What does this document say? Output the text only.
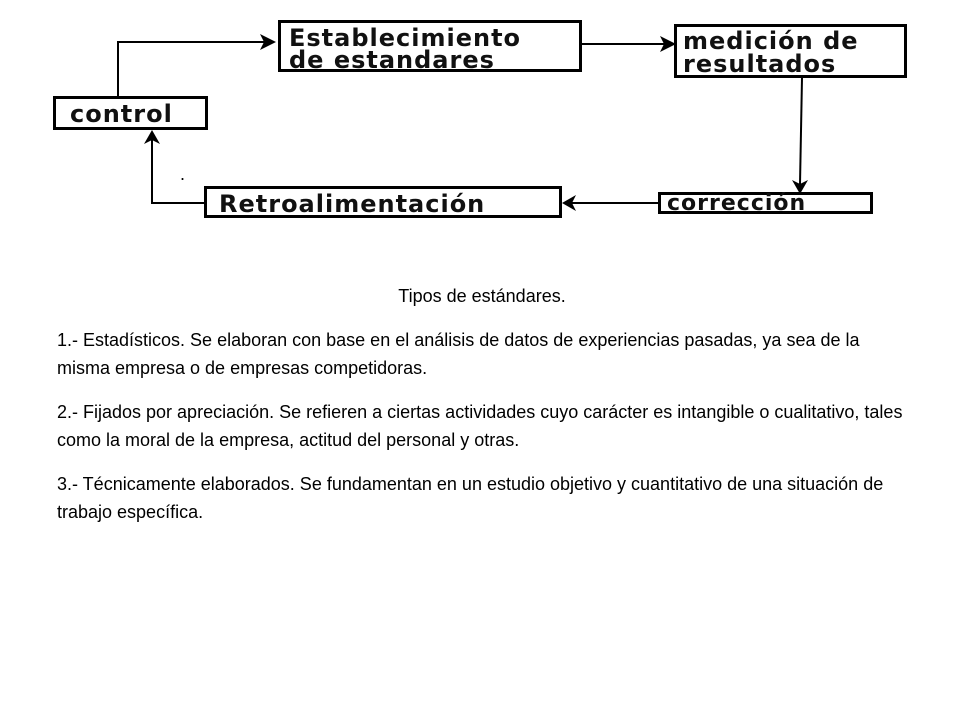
Establecimiento
de estandares
medición de
resultados
control
Retroalimentación	corrección
.
Tipos de estándares.

1.- Estadísticos. Se elaboran con base en el análisis de datos de experiencias pasadas, ya sea de la misma empresa o de empresas competidoras.

2.- Fijados por apreciación. Se refieren a ciertas actividades cuyo carácter es intangible o cualitativo, tales como la moral de la empresa, actitud del personal y otras.

3.- Técnicamente elaborados. Se fundamentan en un estudio objetivo y cuantitativo de una situación de trabajo específica.
